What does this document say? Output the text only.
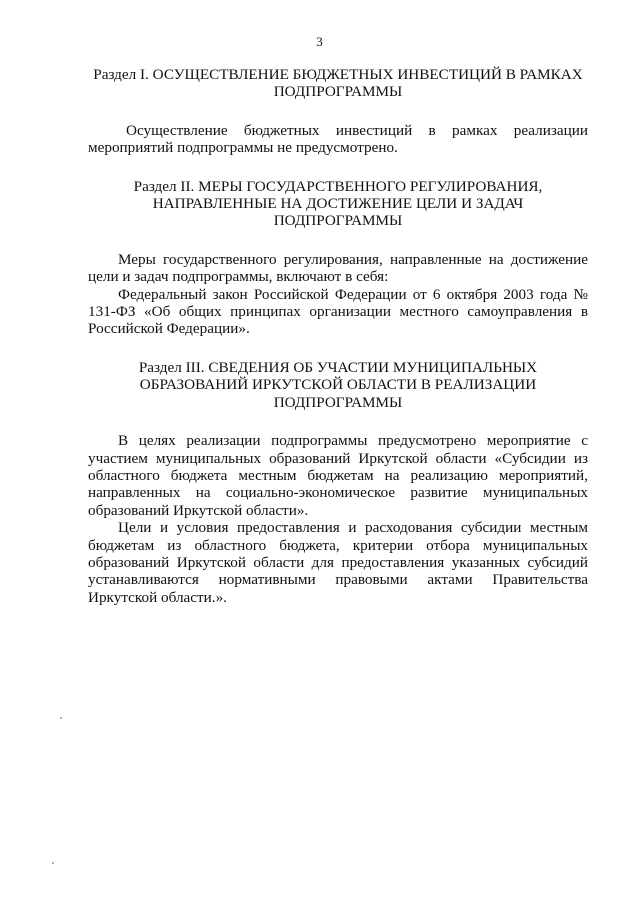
3
Раздел I. ОСУЩЕСТВЛЕНИЕ БЮДЖЕТНЫХ ИНВЕСТИЦИЙ В РАМКАХ
ПОДПРОГРАММЫ

Осуществление бюджетных инвестиций в рамках реализации мероприятий подпрограммы не предусмотрено.

Раздел II. МЕРЫ ГОСУДАРСТВЕННОГО РЕГУЛИРОВАНИЯ,
НАПРАВЛЕННЫЕ НА ДОСТИЖЕНИЕ ЦЕЛИ И ЗАДАЧ
ПОДПРОГРАММЫ

Меры государственного регулирования, направленные на достижение цели и задач подпрограммы, включают в себя:

Федеральный закон Российской Федерации от 6 октября 2003 года № 131-ФЗ «Об общих принципах организации местного самоуправления в Российской Федерации».

Раздел III. СВЕДЕНИЯ ОБ УЧАСТИИ МУНИЦИПАЛЬНЫХ
ОБРАЗОВАНИЙ ИРКУТСКОЙ ОБЛАСТИ В РЕАЛИЗАЦИИ
ПОДПРОГРАММЫ

В целях реализации подпрограммы предусмотрено мероприятие с участием муниципальных образований Иркутской области «Субсидии из областного бюджета местным бюджетам на реализацию мероприятий, направленных на социально-экономическое развитие муниципальных образований Иркутской области».

Цели и условия предоставления и расходования субсидии местным бюджетам из областного бюджета, критерии отбора муниципальных образований Иркутской области для предоставления указанных субсидий устанавливаются нормативными правовыми актами Правительства Иркутской области.».
